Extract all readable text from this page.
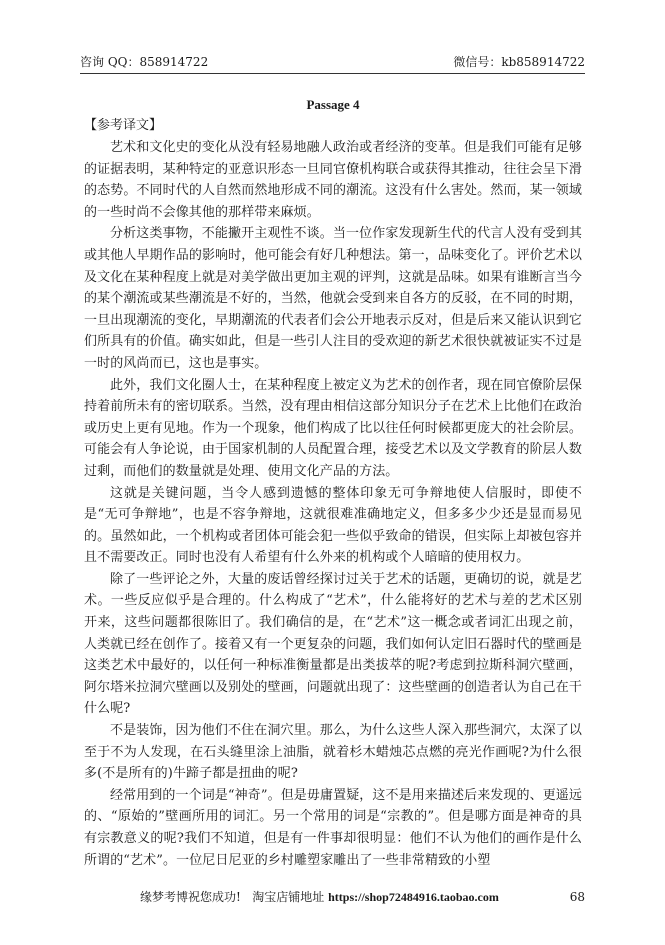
咨询 QQ：858914722	微信号：kb858914722
Passage 4
【参考译文】

艺术和文化史的变化从没有轻易地融人政治或者经济的变革。但是我们可能有足够的证据表明，某种特定的亚意识形态一旦同官僚机构联合或获得其推动，往往会呈下滑的态势。不同时代的人自然而然地形成不同的潮流。这没有什么害处。然而，某一领域的一些时尚不会像其他的那样带来麻烦。

分析这类事物，不能撇开主观性不谈。当一位作家发现新生代的代言人没有受到其或其他人早期作品的影响时，他可能会有好几种想法。第一，品味变化了。评价艺术以及文化在某种程度上就是对美学做出更加主观的评判，这就是品味。如果有谁断言当今的某个潮流或某些潮流是不好的，当然，他就会受到来自各方的反驳，在不同的时期，一旦出现潮流的变化，早期潮流的代表者们会公开地表示反对，但是后来又能认识到它们所具有的价值。确实如此，但是一些引人注目的受欢迎的新艺术很快就被证实不过是一时的风尚而已，这也是事实。

此外，我们文化圈人士，在某种程度上被定义为艺术的创作者，现在同官僚阶层保持着前所未有的密切联系。当然，没有理由相信这部分知识分子在艺术上比他们在政治或历史上更有见地。作为一个现象，他们构成了比以往任何时候都更庞大的社会阶层。可能会有人争论说，由于国家机制的人员配置合理，接受艺术以及文学教育的阶层人数过剩，而他们的数量就是处理、使用文化产品的方法。

这就是关键问题，当令人感到遗憾的整体印象无可争辩地使人信服时，即使不是“无可争辩地”，也是不容争辩地，这就很难准确地定义，但多多少少还是显而易见的。虽然如此，一个机构或者团体可能会犯一些似乎致命的错误，但实际上却被包容并且不需要改正。同时也没有人希望有什么外来的机构或个人暗暗的使用权力。

除了一些评论之外，大量的废话曾经探讨过关于艺术的话题，更确切的说，就是艺术。一些反应似乎是合理的。什么构成了“艺术”，什么能将好的艺术与差的艺术区别开来，这些问题都很陈旧了。我们确信的是，在“艺术”这一概念或者词汇出现之前，人类就已经在创作了。接着又有一个更复杂的问题，我们如何认定旧石器时代的壁画是这类艺术中最好的，以任何一种标准衡量都是出类拔萃的呢?考虑到拉斯科洞穴壁画，阿尔塔米拉洞穴壁画以及别处的壁画，问题就出现了：这些壁画的创造者认为自己在干什么呢?

不是装饰，因为他们不住在洞穴里。那么，为什么这些人深入那些洞穴，太深了以至于不为人发现，在石头缝里涂上油脂，就着杉木蜡烛芯点燃的亮光作画呢?为什么很多(不是所有的)牛蹄子都是扭曲的呢?

经常用到的一个词是“神奇”。但是毋庸置疑，这不是用来描述后来发现的、更遥远的、“原始的”壁画所用的词汇。另一个常用的词是“宗教的”。但是哪方面是神奇的具有宗教意义的呢?我们不知道，但是有一件事却很明显：他们不认为他们的画作是什么所谓的“艺术”。一位尼日尼亚的乡村雕塑家雕出了一些非常精致的小塑

缘梦考博祝您成功! 淘宝店铺地址 https://shop72484916.taobao.com	68
